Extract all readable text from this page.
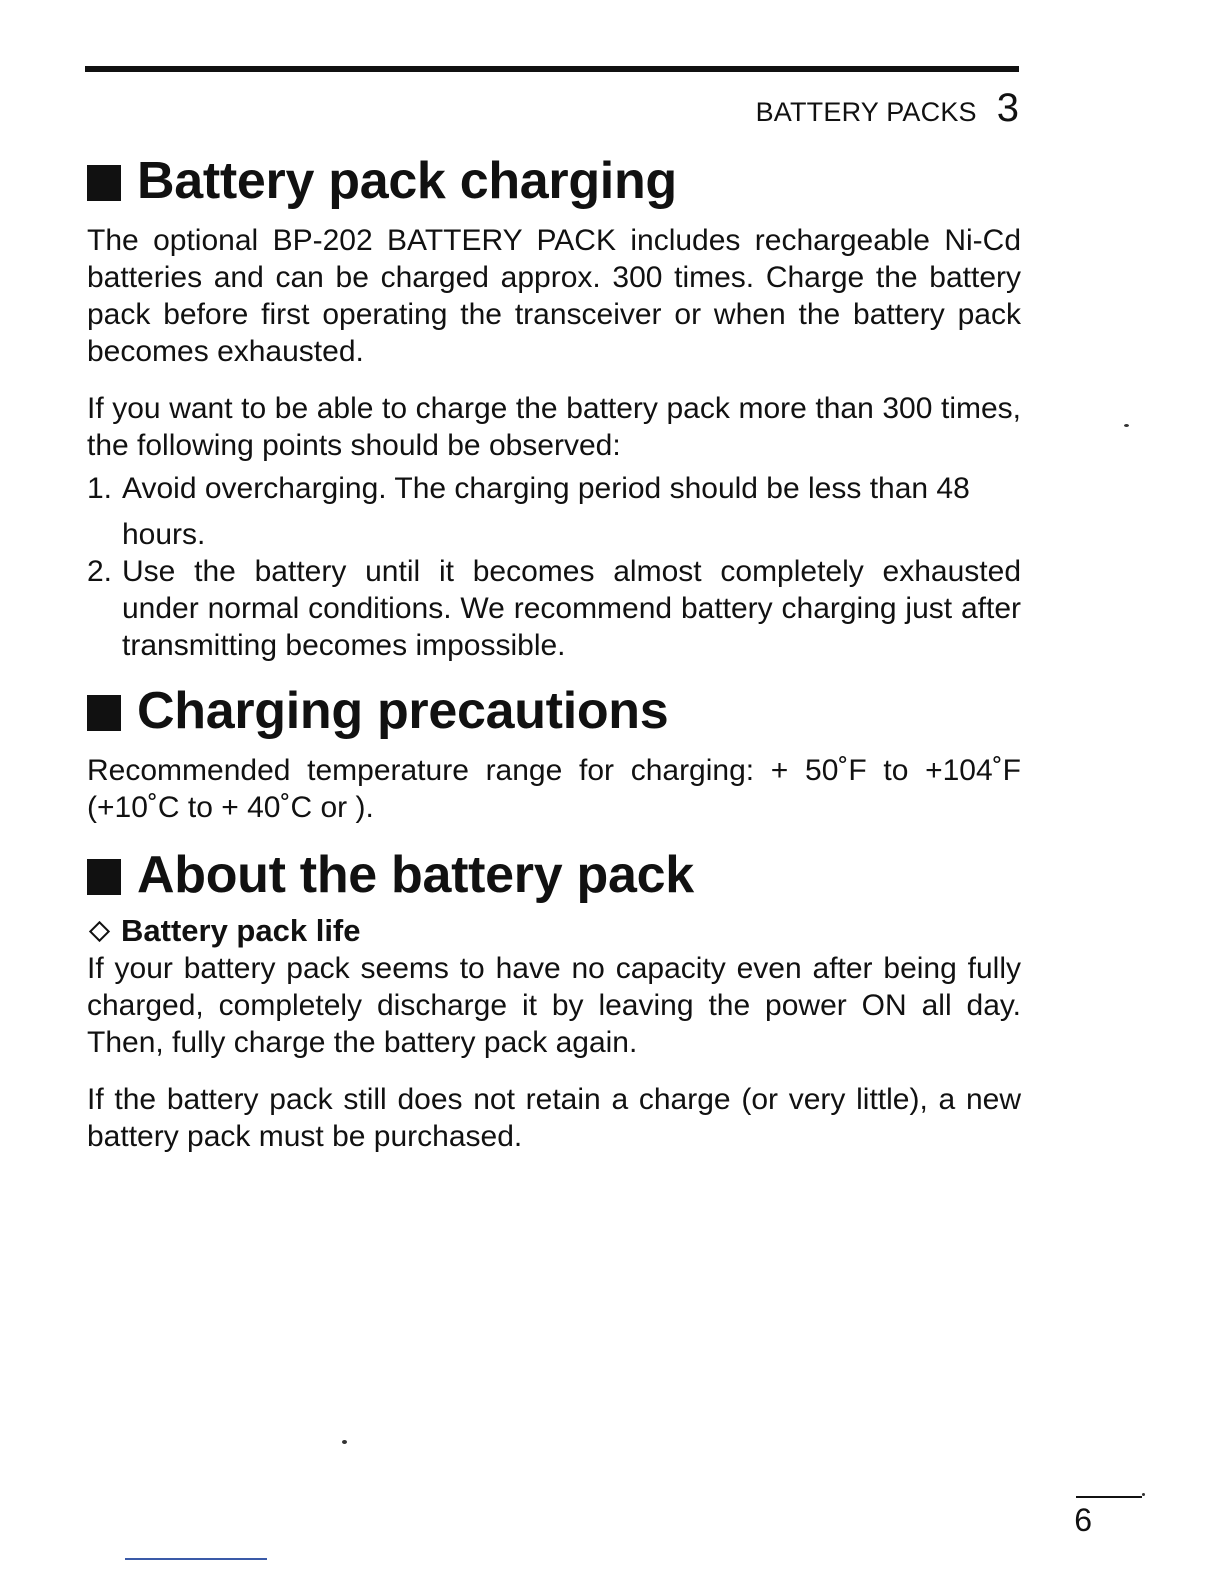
BATTERY PACKS 3
Battery pack charging

The optional BP-202 BATTERY PACK includes rechargeable Ni-Cd batteries and can be charged approx. 300 times. Charge the battery pack before first operating the transceiver or when the battery pack becomes exhausted.

If you want to be able to charge the battery pack more than 300 times, the following points should be observed:

1. Avoid overcharging. The charging period should be less than 48
hours.
2. Use the battery until it becomes almost completely exhausted under normal conditions. We recommend battery charging just after transmitting becomes impossible.
Charging precautions

Recommended temperature range for charging: + 50˚F to +104˚F (+10˚C to + 40˚C or ).

About the battery pack
Battery pack life

If your battery pack seems to have no capacity even after being fully charged, completely discharge it by leaving the power ON all day. Then, fully charge the battery pack again.

If the battery pack still does not retain a charge (or very little), a new battery pack must be purchased.

6
